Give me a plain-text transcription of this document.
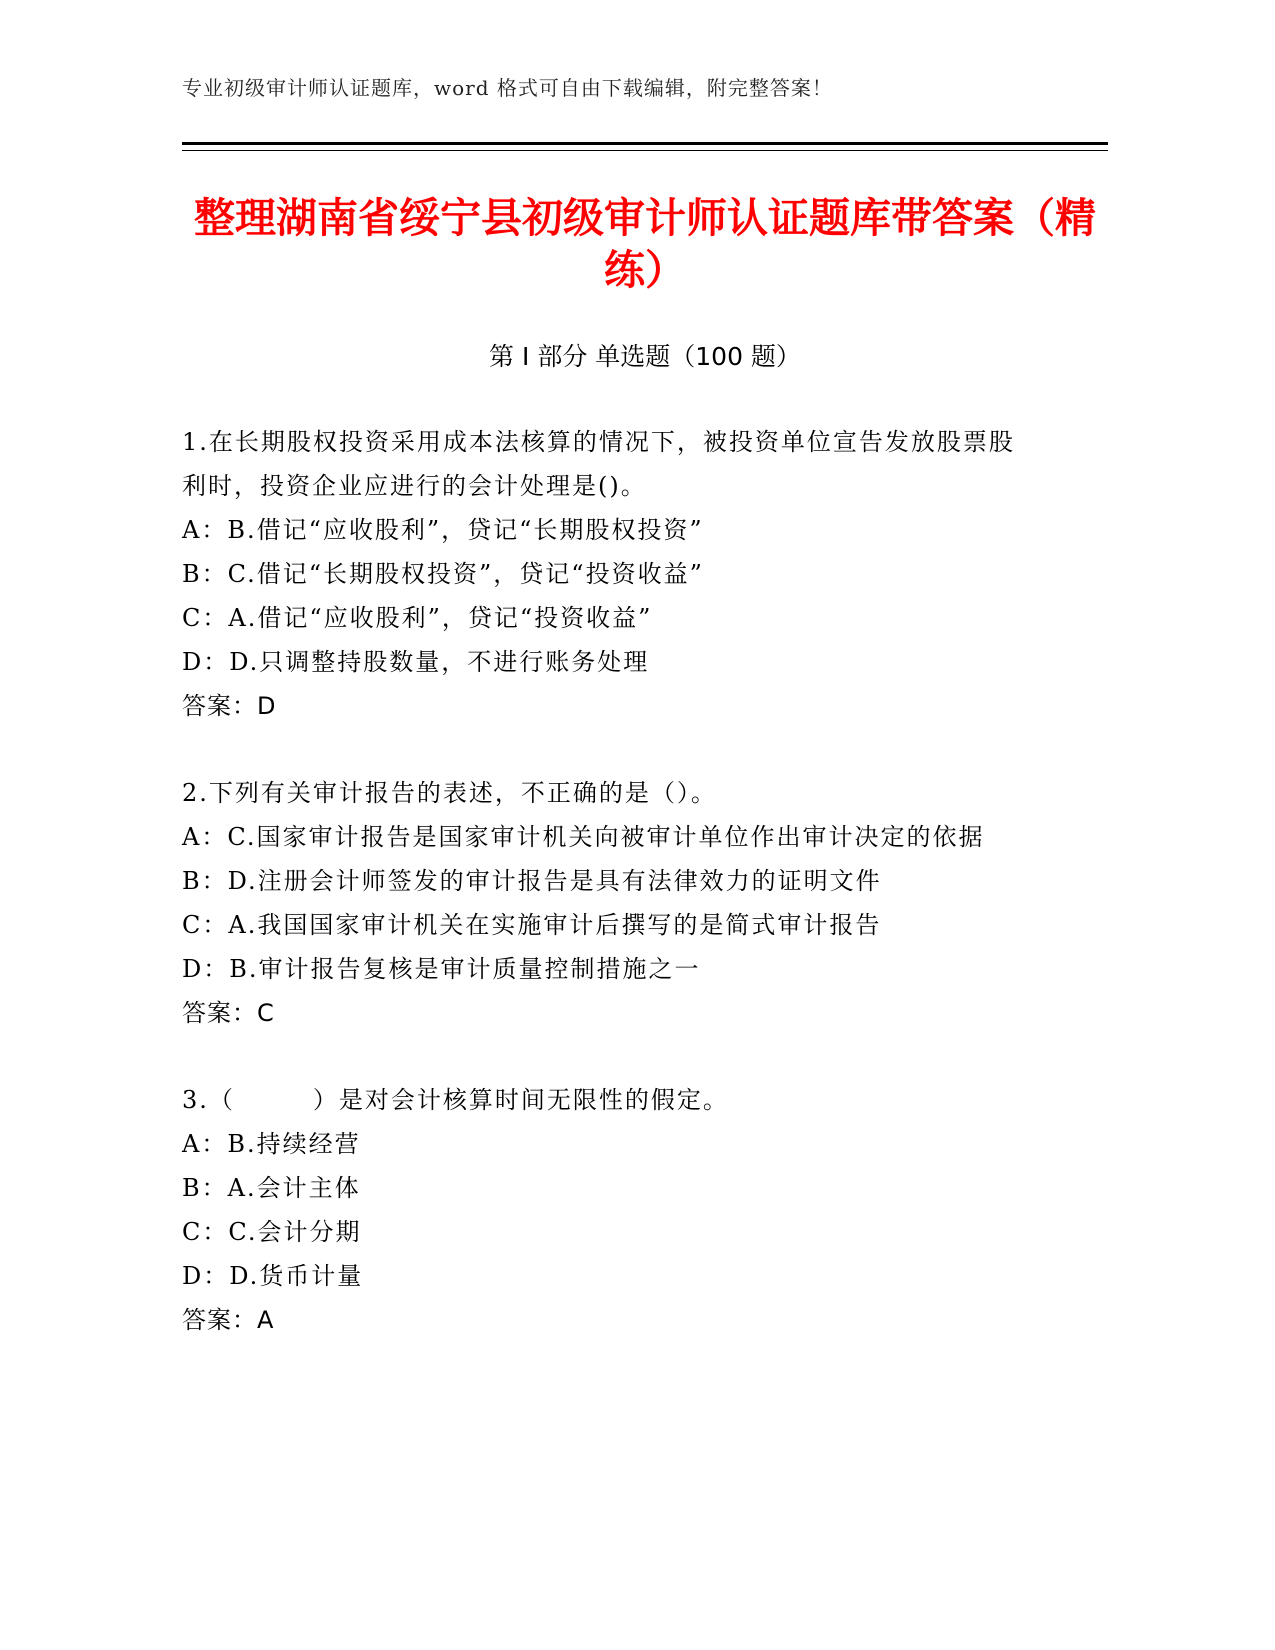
专业初级审计师认证题库，word 格式可自由下载编辑，附完整答案！
整理湖南省绥宁县初级审计师认证题库带答案（精练）
第 I 部分 单选题（100 题）
1.在长期股权投资采用成本法核算的情况下，被投资单位宣告发放股票股利时，投资企业应进行的会计处理是()。
A：B.借记“应收股利”，贷记“长期股权投资”
B：C.借记“长期股权投资”，贷记“投资收益”
C：A.借记“应收股利”，贷记“投资收益”
D：D.只调整持股数量，不进行账务处理
答案：D
2.下列有关审计报告的表述，不正确的是（）。
A：C.国家审计报告是国家审计机关向被审计单位作出审计决定的依据
B：D.注册会计师签发的审计报告是具有法律效力的证明文件
C：A.我国国家审计机关在实施审计后撰写的是简式审计报告
D：B.审计报告复核是审计质量控制措施之一
答案：C
3.（　　　）是对会计核算时间无限性的假定。
A：B.持续经营
B：A.会计主体
C：C.会计分期
D：D.货币计量
答案：A
